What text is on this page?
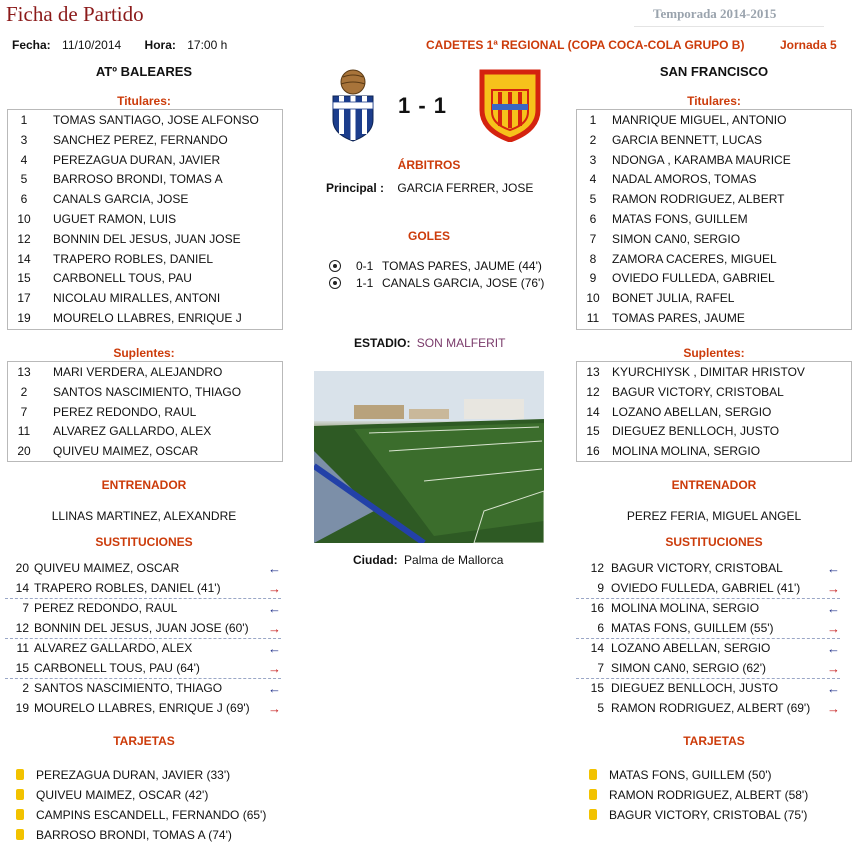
Ficha de Partido	Temporada 2014-2015
Fecha: 11/10/2014 Hora: 17:00 h	CADETES 1ª REGIONAL (COPA COCA-COLA GRUPO B)	Jornada 5
ATº BALEARES	SAN FRANCISCO
1 - 1
Titulares:
1	TOMAS SANTIAGO, JOSE ALFONSO
3	SANCHEZ PEREZ, FERNANDO
4	PEREZAGUA DURAN, JAVIER
5	BARROSO BRONDI, TOMAS A
6	CANALS GARCIA, JOSE
10	UGUET RAMON, LUIS
12	BONNIN DEL JESUS, JUAN JOSE
14	TRAPERO ROBLES, DANIEL
15	CARBONELL TOUS, PAU
17	NICOLAU MIRALLES, ANTONI
19	MOURELO LLABRES, ENRIQUE J
Titulares:
1	MANRIQUE MIGUEL, ANTONIO
2	GARCIA BENNETT, LUCAS
3	NDONGA , KARAMBA MAURICE
4	NADAL AMOROS, TOMAS
5	RAMON RODRIGUEZ, ALBERT
6	MATAS FONS, GUILLEM
7	SIMON CAN0, SERGIO
8	ZAMORA CACERES, MIGUEL
9	OVIEDO FULLEDA, GABRIEL
10	BONET JULIA, RAFEL
11	TOMAS PARES, JAUME
ÁRBITROS
Principal : GARCIA FERRER, JOSE
GOLES
0-1 TOMAS PARES, JAUME (44')
1-1 CANALS GARCIA, JOSE (76')
ESTADIO: SON MALFERIT
Ciudad: Palma de Mallorca
Suplentes:
13	MARI VERDERA, ALEJANDRO
2	SANTOS NASCIMIENTO, THIAGO
7	PEREZ REDONDO, RAUL
11	ALVAREZ GALLARDO, ALEX
20	QUIVEU MAIMEZ, OSCAR
Suplentes:
13	KYURCHIYSK , DIMITAR HRISTOV
12	BAGUR VICTORY, CRISTOBAL
14	LOZANO ABELLAN, SERGIO
15	DIEGUEZ BENLLOCH, JUSTO
16	MOLINA MOLINA, SERGIO
ENTRENADOR
LLINAS MARTINEZ, ALEXANDRE
ENTRENADOR
PEREZ FERIA, MIGUEL ANGEL
SUSTITUCIONES
20 QUIVEU MAIMEZ, OSCAR	←
14 TRAPERO ROBLES, DANIEL (41')	→
7 PEREZ REDONDO, RAUL	←
12 BONNIN DEL JESUS, JUAN JOSE (60') →
11 ALVAREZ GALLARDO, ALEX	←
15 CARBONELL TOUS, PAU (64')	→
2 SANTOS NASCIMIENTO, THIAGO	←
19 MOURELO LLABRES, ENRIQUE J (69') →
SUSTITUCIONES
12 BAGUR VICTORY, CRISTOBAL	←
9 OVIEDO FULLEDA, GABRIEL (41') →
16 MOLINA MOLINA, SERGIO	←
6 MATAS FONS, GUILLEM (55')	→
14 LOZANO ABELLAN, SERGIO	←
7 SIMON CAN0, SERGIO (62')	→
15 DIEGUEZ BENLLOCH, JUSTO	←
5 RAMON RODRIGUEZ, ALBERT (69') →
TARJETAS
PEREZAGUA DURAN, JAVIER (33')
QUIVEU MAIMEZ, OSCAR (42')
CAMPINS ESCANDELL, FERNANDO (65')
BARROSO BRONDI, TOMAS A (74')
TARJETAS
MATAS FONS, GUILLEM (50')
RAMON RODRIGUEZ, ALBERT (58')
BAGUR VICTORY, CRISTOBAL (75')
